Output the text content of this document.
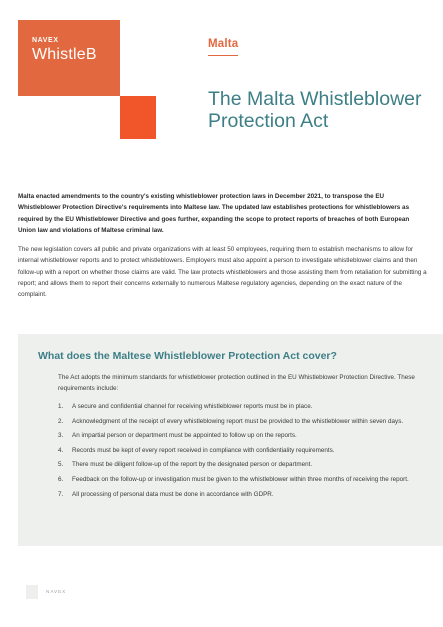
NAVEX
WhistleB
Malta
The Malta Whistleblower Protection Act

Malta enacted amendments to the country's existing whistleblower protection laws in December 2021, to transpose the EU Whistleblower Protection Directive's requirements into Maltese law. The updated law establishes protections for whistleblowers as required by the EU Whistleblower Directive and goes further, expanding the scope to protect reports of breaches of both European Union law and violations of Maltese criminal law.

The new legislation covers all public and private organizations with at least 50 employees, requiring them to establish mechanisms to allow for internal whistleblower reports and to protect whistleblowers. Employers must also appoint a person to investigate whistleblower claims and then follow-up with a report on whether those claims are valid. The law protects whistleblowers and those assisting them from retaliation for submitting a report; and allows them to report their concerns externally to numerous Maltese regulatory agencies, depending on the exact nature of the complaint.

What does the Maltese Whistleblower Protection Act cover?

The Act adopts the minimum standards for whistleblower protection outlined in the EU Whistleblower Protection Directive. These requirements include:

1. A secure and confidential channel for receiving whistleblower reports must be in place.
2. Acknowledgment of the receipt of every whistleblowing report must be provided to the whistleblower within seven days.
3. An impartial person or department must be appointed to follow up on the reports.
4. Records must be kept of every report received in compliance with confidentiality requirements.
5. There must be diligent follow-up of the report by the designated person or department.
6. Feedback on the follow-up or investigation must be given to the whistleblower within three months of receiving the report.
7. All processing of personal data must be done in accordance with GDPR.
NAVEX
